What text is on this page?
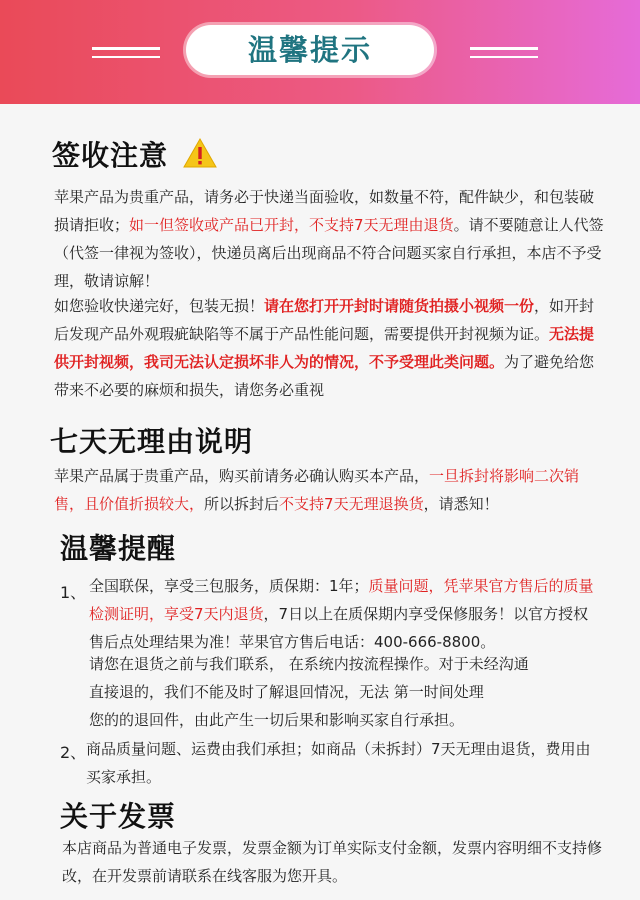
温馨提示
签收注意

苹果产品为贵重产品，请务必于快递当面验收，如数量不符，配件缺少，和包装破损请拒收；如一但签收或产品已开封，不支持7天无理由退货。请不要随意让人代签（代签一律视为签收），快递员离后出现商品不符合问题买家自行承担，本店不予受理，敬请谅解！

如您验收快递完好，包装无损！请在您打开开封时请随货拍摄小视频一份，如开封后发现产品外观瑕疵缺陷等不属于产品性能问题，需要提供开封视频为证。无法提供开封视频，我司无法认定损坏非人为的情况，不予受理此类问题。为了避免给您带来不必要的麻烦和损失，请您务必重视

七天无理由说明

苹果产品属于贵重产品，购买前请务必确认购买本产品，一旦拆封将影响二次销售，且价值折损较大，所以拆封后不支持7天无理退换货，请悉知！

温馨提醒
1、 全国联保，享受三包服务，质保期：1年；质量问题，凭苹果官方售后的质量检测证明，享受7天内退货，7日以上在质保期内享受保修服务！以官方授权售后点处理结果为准！苹果官方售后电话：400-666-8800。
请您在退货之前与我们联系， 在系统内按流程操作。对于未经沟通
直接退的，我们不能及时了解退回情况，无法 第一时间处理
您的的退回件，由此产生一切后果和影响买家自行承担。
2、 商品质量问题、运费由我们承担；如商品（未拆封）7天无理由退货，费用由买家承担。
关于发票

本店商品为普通电子发票，发票金额为订单实际支付金额，发票内容明细不支持修改，在开发票前请联系在线客服为您开具。
